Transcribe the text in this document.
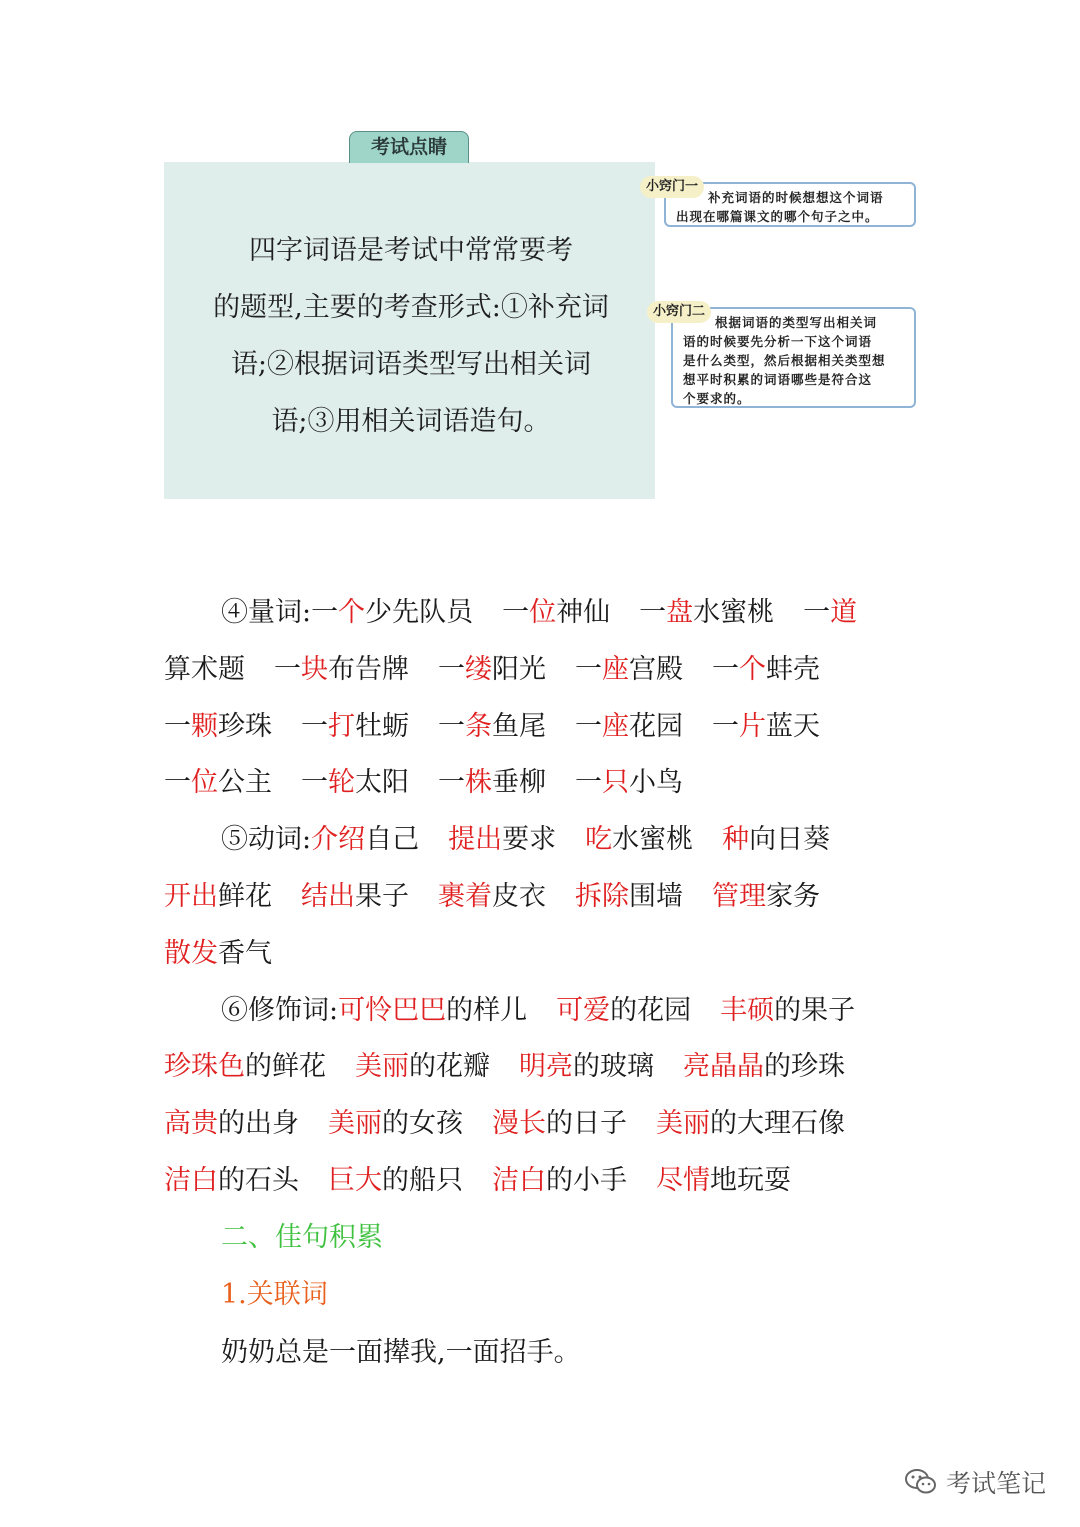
考试点睛
四字词语是考试中常常要考
的题型,主要的考查形式:①补充词
语;②根据词语类型写出相关词
语;③用相关词语造句。
补充词语的时候想想这个词语
出现在哪篇课文的哪个句子之中。
小窍门一
根据词语的类型写出相关词
语的时候要先分析一下这个词语
是什么类型，然后根据相关类型想
想平时积累的词语哪些是符合这
个要求的。
小窍门二
④量词:一个少先队员 一位神仙 一盘水蜜桃 一道
算术题 一块布告牌 一缕阳光 一座宫殿 一个蚌壳
一颗珍珠 一打牡蛎 一条鱼尾 一座花园 一片蓝天
一位公主 一轮太阳 一株垂柳 一只小鸟
⑤动词:介绍自己 提出要求 吃水蜜桃 种向日葵
开出鲜花 结出果子 裹着皮衣 拆除围墙 管理家务
散发香气
⑥修饰词:可怜巴巴的样儿 可爱的花园 丰硕的果子
珍珠色的鲜花 美丽的花瓣 明亮的玻璃 亮晶晶的珍珠
高贵的出身 美丽的女孩 漫长的日子 美丽的大理石像
洁白的石头 巨大的船只 洁白的小手 尽情地玩耍
二、佳句积累
1.关联词
奶奶总是一面撵我,一面招手。
考试笔记
